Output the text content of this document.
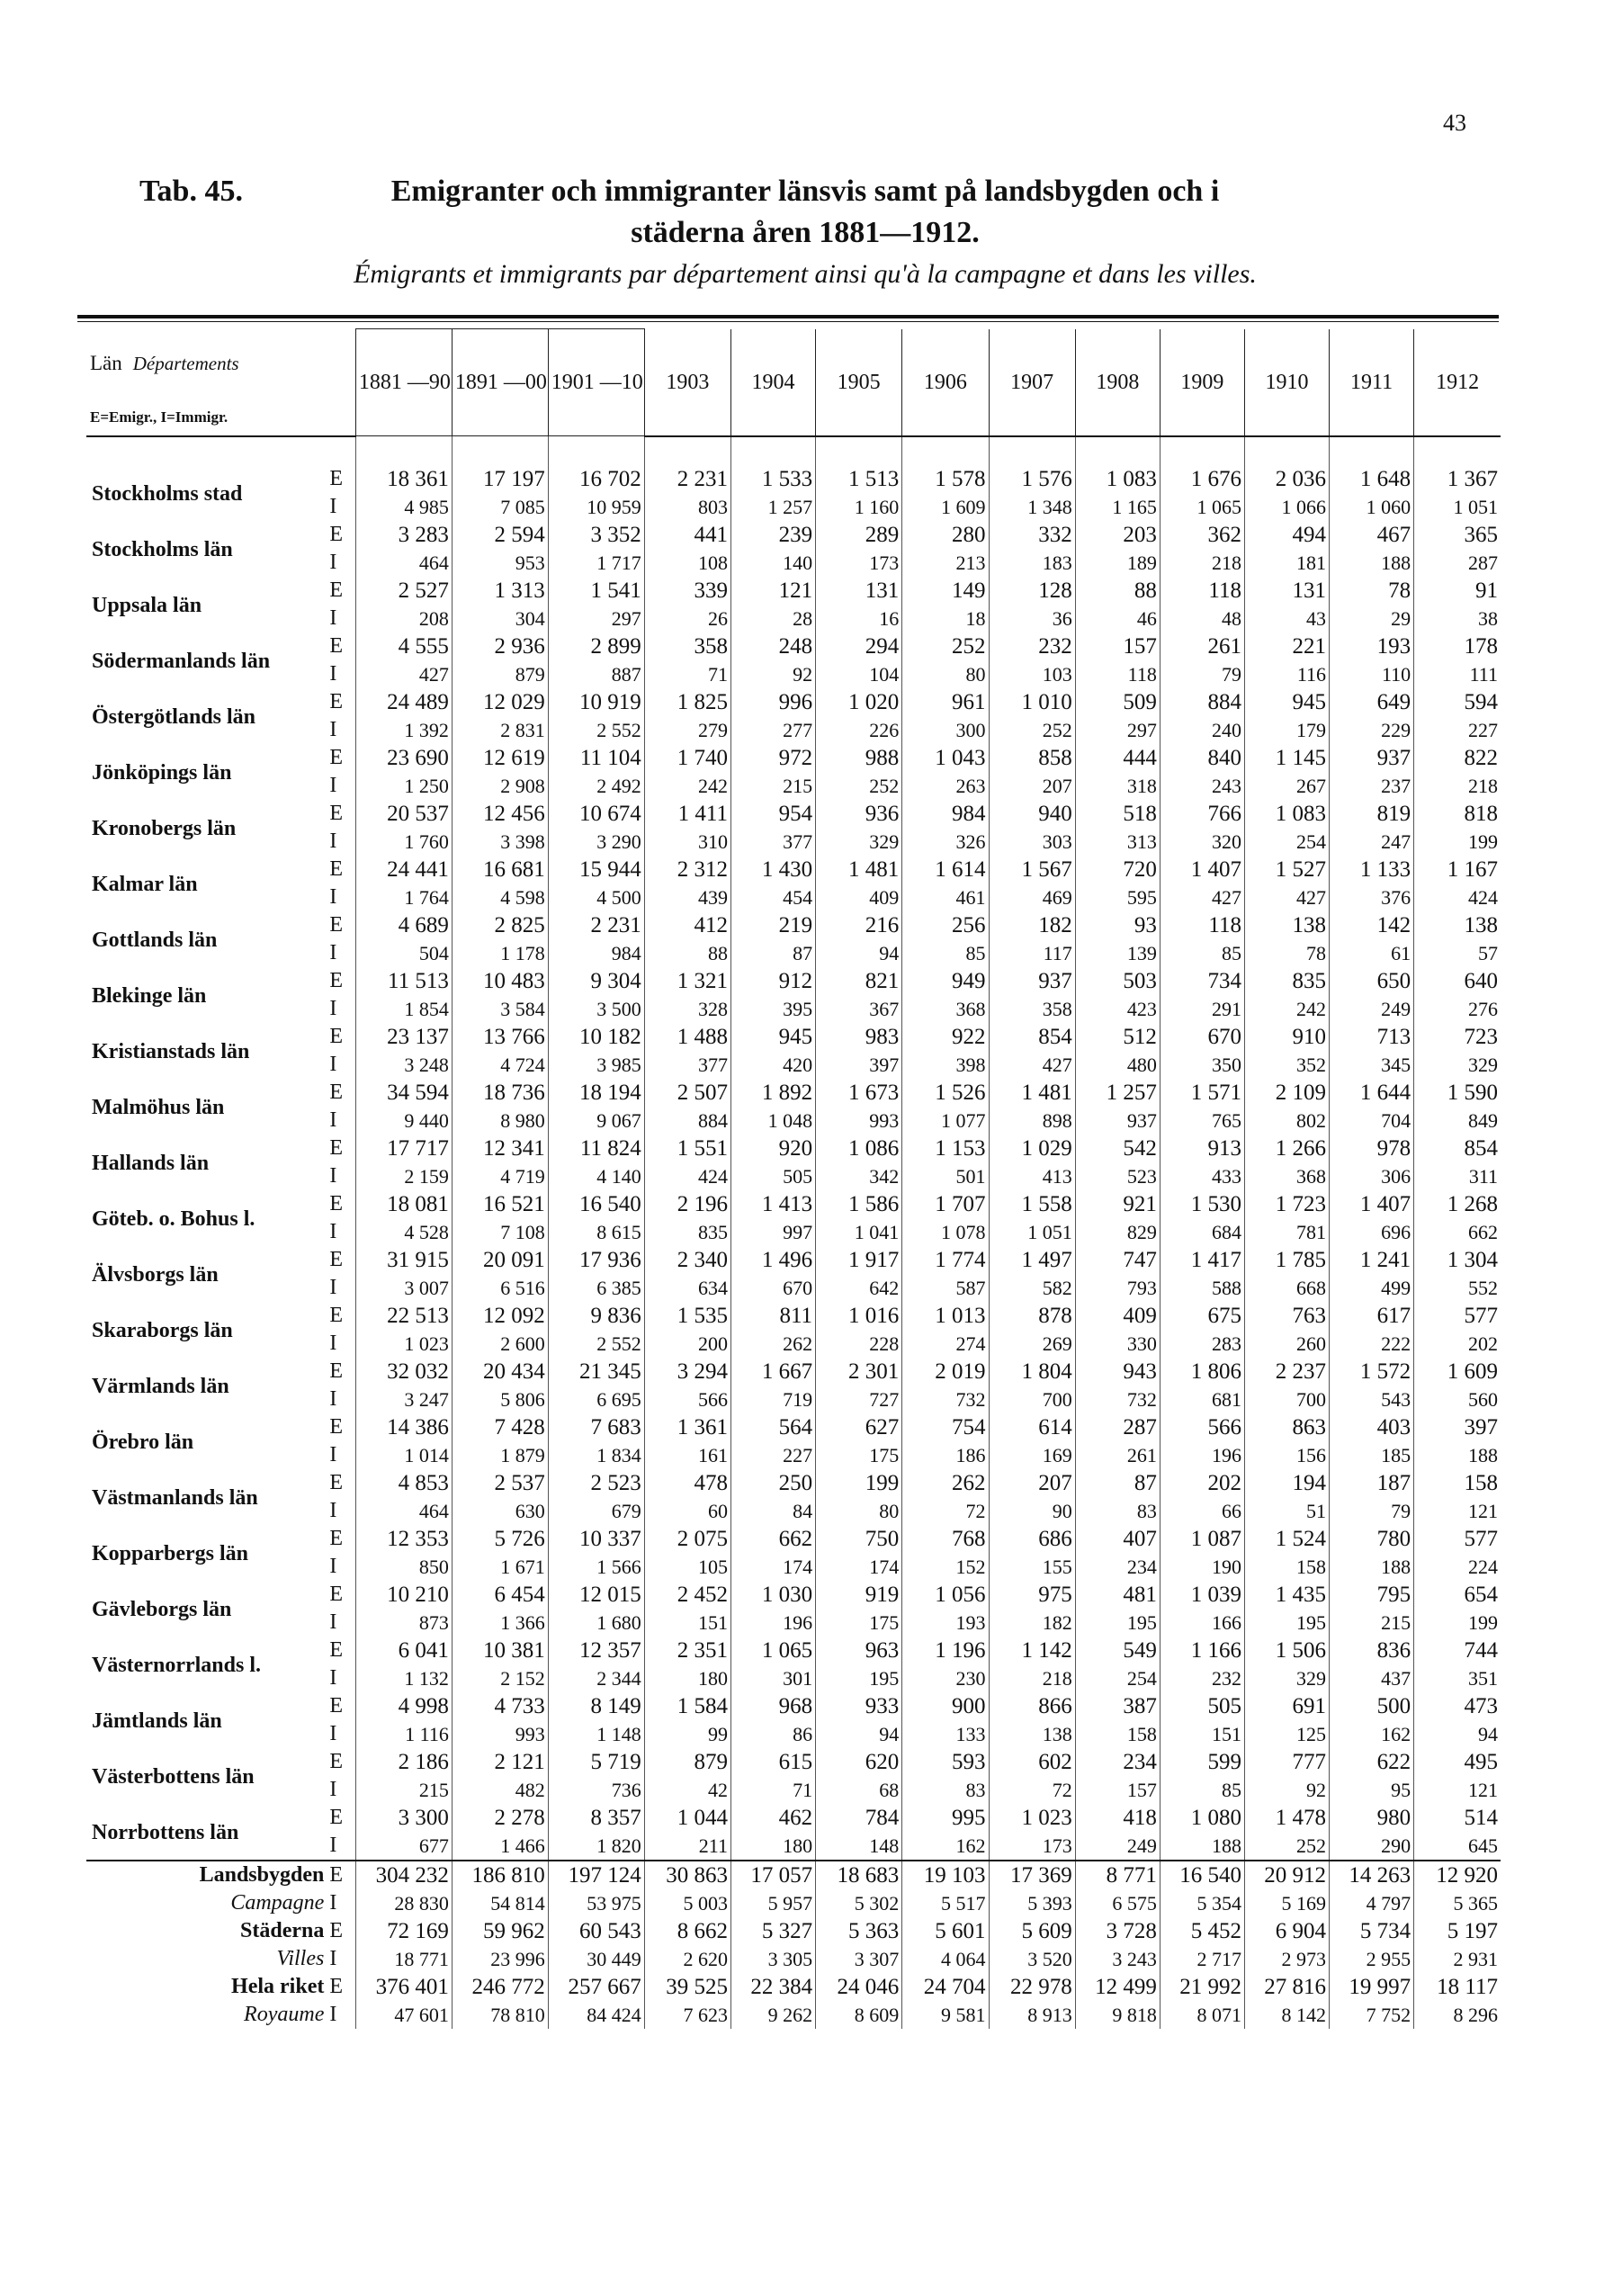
43
Tab. 45.	Emigranter och immigranter länsvis samt på landsbygden och i
städerna åren 1881—1912.
Émigrants et immigrants par département ainsi qu'à la campagne et dans les villes.
Län Départements
E=Emigr., I=Immigr.		1881 —90	1891 —00	1901 —10	1903	1904	1905	1906	1907	1908	1909	1910	1911	1912

Stockholms stad	E	18 361	17 197	16 702	2 231	1 533	1 513	1 578	1 576	1 083	1 676	2 036	1 648	1 367
	I	4 985	7 085	10 959	803	1 257	1 160	1 609	1 348	1 165	1 065	1 066	1 060	1 051

Stockholms län	E	3 283	2 594	3 352	441	239	289	280	332	203	362	494	467	365
	I	464	953	1 717	108	140	173	213	183	189	218	181	188	287

Uppsala län	E	2 527	1 313	1 541	339	121	131	149	128	88	118	131	78	91
	I	208	304	297	26	28	16	18	36	46	48	43	29	38

Södermanlands län	E	4 555	2 936	2 899	358	248	294	252	232	157	261	221	193	178
	I	427	879	887	71	92	104	80	103	118	79	116	110	111

Östergötlands län	E	24 489	12 029	10 919	1 825	996	1 020	961	1 010	509	884	945	649	594
	I	1 392	2 831	2 552	279	277	226	300	252	297	240	179	229	227

Jönköpings län	E	23 690	12 619	11 104	1 740	972	988	1 043	858	444	840	1 145	937	822
	I	1 250	2 908	2 492	242	215	252	263	207	318	243	267	237	218

Kronobergs län	E	20 537	12 456	10 674	1 411	954	936	984	940	518	766	1 083	819	818
	I	1 760	3 398	3 290	310	377	329	326	303	313	320	254	247	199

Kalmar län	E	24 441	16 681	15 944	2 312	1 430	1 481	1 614	1 567	720	1 407	1 527	1 133	1 167
	I	1 764	4 598	4 500	439	454	409	461	469	595	427	427	376	424

Gottlands län	E	4 689	2 825	2 231	412	219	216	256	182	93	118	138	142	138
	I	504	1 178	984	88	87	94	85	117	139	85	78	61	57

Blekinge län	E	11 513	10 483	9 304	1 321	912	821	949	937	503	734	835	650	640
	I	1 854	3 584	3 500	328	395	367	368	358	423	291	242	249	276

Kristianstads län	E	23 137	13 766	10 182	1 488	945	983	922	854	512	670	910	713	723
	I	3 248	4 724	3 985	377	420	397	398	427	480	350	352	345	329

Malmöhus län	E	34 594	18 736	18 194	2 507	1 892	1 673	1 526	1 481	1 257	1 571	2 109	1 644	1 590
	I	9 440	8 980	9 067	884	1 048	993	1 077	898	937	765	802	704	849

Hallands län	E	17 717	12 341	11 824	1 551	920	1 086	1 153	1 029	542	913	1 266	978	854
	I	2 159	4 719	4 140	424	505	342	501	413	523	433	368	306	311

Göteb. o. Bohus l.	E	18 081	16 521	16 540	2 196	1 413	1 586	1 707	1 558	921	1 530	1 723	1 407	1 268
	I	4 528	7 108	8 615	835	997	1 041	1 078	1 051	829	684	781	696	662

Älvsborgs län	E	31 915	20 091	17 936	2 340	1 496	1 917	1 774	1 497	747	1 417	1 785	1 241	1 304
	I	3 007	6 516	6 385	634	670	642	587	582	793	588	668	499	552

Skaraborgs län	E	22 513	12 092	9 836	1 535	811	1 016	1 013	878	409	675	763	617	577
	I	1 023	2 600	2 552	200	262	228	274	269	330	283	260	222	202

Värmlands län	E	32 032	20 434	21 345	3 294	1 667	2 301	2 019	1 804	943	1 806	2 237	1 572	1 609
	I	3 247	5 806	6 695	566	719	727	732	700	732	681	700	543	560

Örebro län	E	14 386	7 428	7 683	1 361	564	627	754	614	287	566	863	403	397
	I	1 014	1 879	1 834	161	227	175	186	169	261	196	156	185	188

Västmanlands län	E	4 853	2 537	2 523	478	250	199	262	207	87	202	194	187	158
	I	464	630	679	60	84	80	72	90	83	66	51	79	121

Kopparbergs län	E	12 353	5 726	10 337	2 075	662	750	768	686	407	1 087	1 524	780	577
	I	850	1 671	1 566	105	174	174	152	155	234	190	158	188	224

Gävleborgs län	E	10 210	6 454	12 015	2 452	1 030	919	1 056	975	481	1 039	1 435	795	654
	I	873	1 366	1 680	151	196	175	193	182	195	166	195	215	199

Västernorrlands l.	E	6 041	10 381	12 357	2 351	1 065	963	1 196	1 142	549	1 166	1 506	836	744
	I	1 132	2 152	2 344	180	301	195	230	218	254	232	329	437	351

Jämtlands län	E	4 998	4 733	8 149	1 584	968	933	900	866	387	505	691	500	473
	I	1 116	993	1 148	99	86	94	133	138	158	151	125	162	94

Västerbottens län	E	2 186	2 121	5 719	879	615	620	593	602	234	599	777	622	495
	I	215	482	736	42	71	68	83	72	157	85	92	95	121

Norrbottens län	E	3 300	2 278	8 357	1 044	462	784	995	1 023	418	1 080	1 478	980	514
	I	677	1 466	1 820	211	180	148	162	173	249	188	252	290	645
Landsbygden	E	304 232	186 810	197 124	30 863	17 057	18 683	19 103	17 369	8 771	16 540	20 912	14 263	12 920
Campagne	I	28 830	54 814	53 975	5 003	5 957	5 302	5 517	5 393	6 575	5 354	5 169	4 797	5 365
Städerna	E	72 169	59 962	60 543	8 662	5 327	5 363	5 601	5 609	3 728	5 452	6 904	5 734	5 197
Villes	I	18 771	23 996	30 449	2 620	3 305	3 307	4 064	3 520	3 243	2 717	2 973	2 955	2 931
Hela riket	E	376 401	246 772	257 667	39 525	22 384	24 046	24 704	22 978	12 499	21 992	27 816	19 997	18 117
Royaume	I	47 601	78 810	84 424	7 623	9 262	8 609	9 581	8 913	9 818	8 071	8 142	7 752	8 296
